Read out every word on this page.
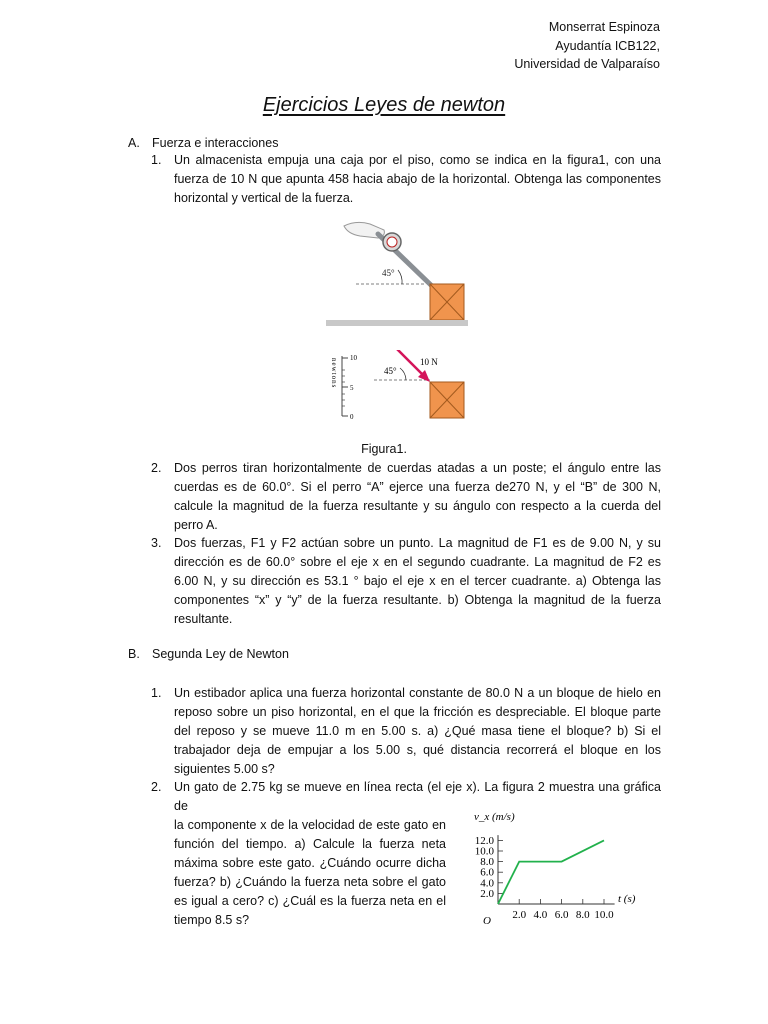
Monserrat Espinoza
Ayudantía ICB122,
Universidad de Valparaíso
Ejercicios Leyes de newton
A. Fuerza e interacciones
1. Un almacenista empuja una caja por el piso, como se indica en la figura1, con una fuerza de 10 N que apunta 458 hacia abajo de la horizontal. Obtenga las componentes horizontal y vertical de la fuerza.
45°
10
5
0
newtons	45°
10 N
Figura1.
2. Dos perros tiran horizontalmente de cuerdas atadas a un poste; el ángulo entre las cuerdas es de 60.0°. Si el perro “A” ejerce una fuerza de270 N, y el “B” de 300 N, calcule la magnitud de la fuerza resultante y su ángulo con respecto a la cuerda del perro A.
3. Dos fuerzas, F1 y F2 actúan sobre un punto. La magnitud de F1 es de 9.00 N, y su dirección es de 60.0° sobre el eje x en el segundo cuadrante. La magnitud de F2 es 6.00 N, y su dirección es 53.1 ° bajo el eje x en el tercer cuadrante. a) Obtenga las componentes “x” y “y” de la fuerza resultante. b) Obtenga la magnitud de la fuerza resultante.
B. Segunda Ley de Newton
1. Un estibador aplica una fuerza horizontal constante de 80.0 N a un bloque de hielo en reposo sobre un piso horizontal, en el que la fricción es despreciable. El bloque parte del reposo y se mueve 11.0 m en 5.00 s. a) ¿Qué masa tiene el bloque? b) Si el trabajador deja de empujar a los 5.00 s, qué distancia recorrerá el bloque en los siguientes 5.00 s?
2. Un gato de 2.75 kg se mueve en línea recta (el eje x). La figura 2 muestra una gráfica de
la componente x de la velocidad de este gato en función del tiempo. a) Calcule la fuerza neta máxima sobre este gato. ¿Cuándo ocurre dicha fuerza? b) ¿Cuándo la fuerza neta sobre el gato es igual a cero? c) ¿Cuál es la fuerza neta en el tiempo 8.5 s?
2.0
4.0
6.0
8.0
10.0
12.0
2.0 4.0 6.0 8.0 10.0
v_x (m/s)
t (s)
O
